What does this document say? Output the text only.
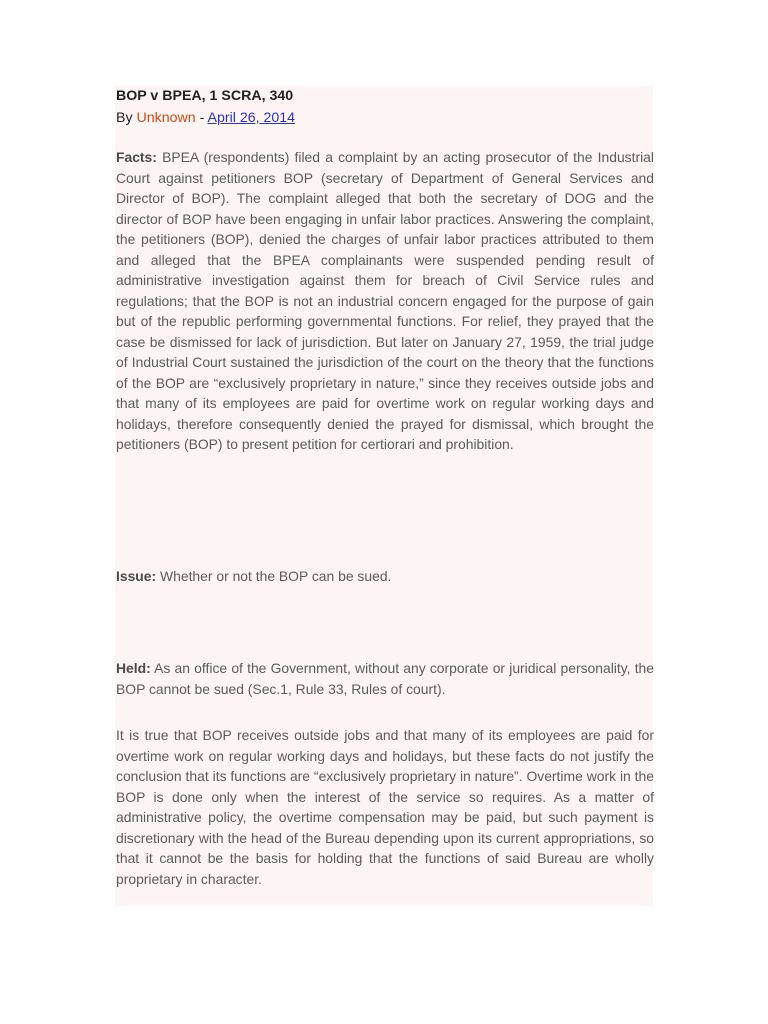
BOP v BPEA, 1 SCRA, 340
By Unknown - April 26, 2014

Facts: BPEA (respondents) filed a complaint by an acting prosecutor of the Industrial Court against petitioners BOP (secretary of Department of General Services and Director of BOP). The complaint alleged that both the secretary of DOG and the director of BOP have been engaging in unfair labor practices. Answering the complaint, the petitioners (BOP), denied the charges of unfair labor practices attributed to them and alleged that the BPEA complainants were suspended pending result of administrative investigation against them for breach of Civil Service rules and regulations; that the BOP is not an industrial concern engaged for the purpose of gain but of the republic performing governmental functions. For relief, they prayed that the case be dismissed for lack of jurisdiction. But later on January 27, 1959, the trial judge of Industrial Court sustained the jurisdiction of the court on the theory that the functions of the BOP are “exclusively proprietary in nature,” since they receives outside jobs and that many of its employees are paid for overtime work on regular working days and holidays, therefore consequently denied the prayed for dismissal, which brought the petitioners (BOP) to present petition for certiorari and prohibition.

Issue: Whether or not the BOP can be sued.

Held: As an office of the Government, without any corporate or juridical personality, the BOP cannot be sued (Sec.1, Rule 33, Rules of court).

It is true that BOP receives outside jobs and that many of its employees are paid for overtime work on regular working days and holidays, but these facts do not justify the conclusion that its functions are “exclusively proprietary in nature”. Overtime work in the BOP is done only when the interest of the service so requires. As a matter of administrative policy, the overtime compensation may be paid, but such payment is discretionary with the head of the Bureau depending upon its current appropriations, so that it cannot be the basis for holding that the functions of said Bureau are wholly proprietary in character.
